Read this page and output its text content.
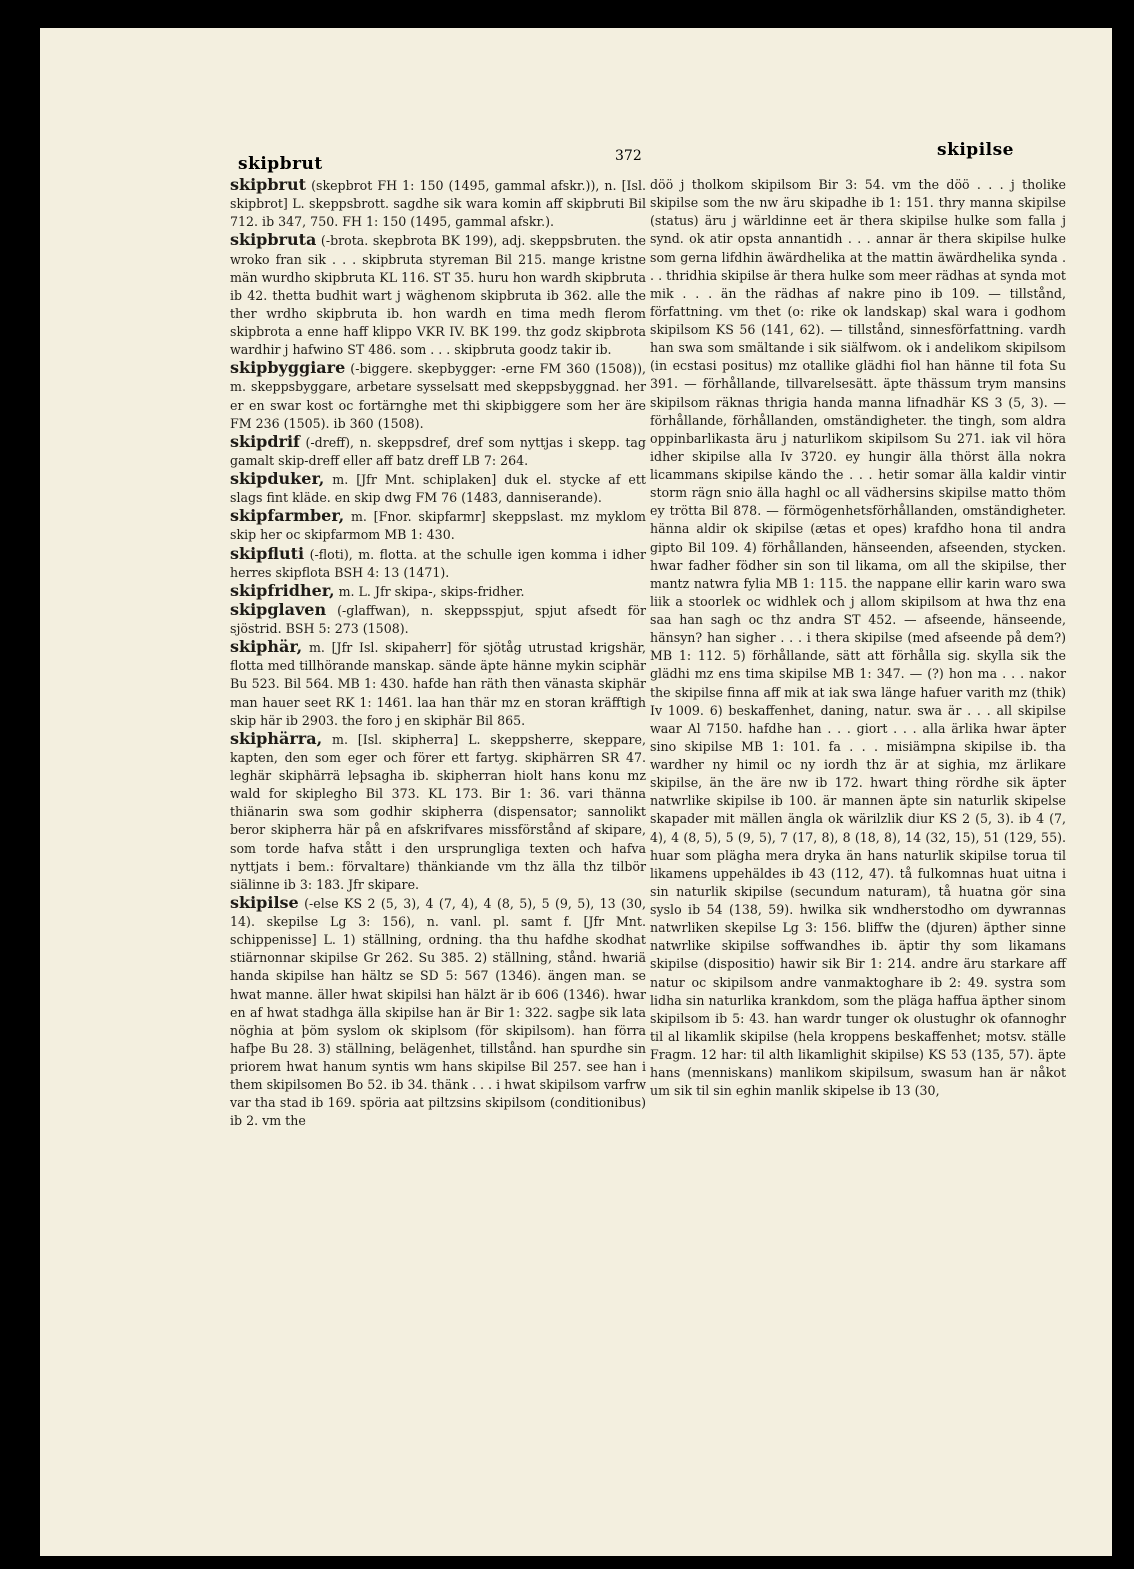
skipbrut	372	skipilse

skipbrut (skepbrot FH 1: 150 (1495, gammal afskr.)), n. [Isl. skipbrot] L. skeppsbrott. sagdhe sik wara komin aff skipbruti Bil 712. ib 347, 750. FH 1: 150 (1495, gammal afskr.).

skipbruta (-brota. skepbrota BK 199), adj. skeppsbruten. the wroko fran sik . . . skipbruta styreman Bil 215. mange kristne män wurdho skipbruta KL 116. ST 35. huru hon wardh skipbruta ib 42. thetta budhit wart j wäghenom skipbruta ib 362. alle the ther wrdho skipbruta ib. hon wardh en tima medh flerom skipbrota a enne haff klippo VKR IV. BK 199. thz godz skipbrota wardhir j hafwino ST 486. som . . . skipbruta goodz takir ib.

skipbyggiare (-biggere. skepbygger: -erne FM 360 (1508)), m. skeppsbyggare, arbetare sysselsatt med skeppsbyggnad. her er en swar kost oc fortärnghe met thi skipbiggere som her äre FM 236 (1505). ib 360 (1508).

skipdrif (-dreff), n. skeppsdref, dref som nyttjas i skepp. tag gamalt skip-dreff eller aff batz dreff LB 7: 264.

skipduker, m. [Jfr Mnt. schiplaken] duk el. stycke af ett slags fint kläde. en skip dwg FM 76 (1483, danniserande).

skipfarmber, m. [Fnor. skipfarmr] skeppslast. mz myklom skip her oc skipfarmom MB 1: 430.

skipfluti (-floti), m. flotta. at the schulle igen komma i idher herres skipflota BSH 4: 13 (1471).

skipfridher, m. L. Jfr skipa-, skips-fridher.

skipglaven (-glaffwan), n. skeppsspjut, spjut afsedt för sjöstrid. BSH 5: 273 (1508).

skiphär, m. [Jfr Isl. skipaherr] för sjötåg utrustad krigshär, flotta med tillhörande manskap. sände äpte hänne mykin sciphär Bu 523. Bil 564. MB 1: 430. hafde han räth then vänasta skiphär man hauer seet RK 1: 1461. laa han thär mz en storan kräfftigh skip här ib 2903. the foro j en skiphär Bil 865.

skiphärra, m. [Isl. skipherra] L. skeppsherre, skeppare, kapten, den som eger och förer ett fartyg. skiphärren SR 47. leghär skiphärrä leþsagha ib. skipherran hiolt hans konu mz wald for skiplegho Bil 373. KL 173. Bir 1: 36. vari thänna thiänarin swa som godhir skipherra (dispensator; sannolikt beror skipherra här på en afskrifvares missförstånd af skipare, som torde hafva stått i den ursprungliga texten och hafva nyttjats i bem.: förvaltare) thänkiande vm thz älla thz tilbör siälinne ib 3: 183. Jfr skipare.

skipilse (-else KS 2 (5, 3), 4 (7, 4), 4 (8, 5), 5 (9, 5), 13 (30, 14). skepilse Lg 3: 156), n. vanl. pl. samt f. [Jfr Mnt. schippenisse] L. 1) ställning, ordning. tha thu hafdhe skodhat stiärnonnar skipilse Gr 262. Su 385. 2) ställning, stånd. hwariä handa skipilse han hältz se SD 5: 567 (1346). ängen man. se hwat manne. äller hwat skipilsi han hälzt är ib 606 (1346). hwar en af hwat stadhga älla skipilse han är Bir 1: 322. sagþe sik lata nöghia at þöm syslom ok skiplsom (för skipilsom). han förra hafþe Bu 28. 3) ställning, belägenhet, tillstånd. han spurdhe sin priorem hwat hanum syntis wm hans skipilse Bil 257. see han i them skipilsomen Bo 52. ib 34. thänk . . . i hwat skipilsom varfrw var tha stad ib 169. spöria aat piltzsins skipilsom (conditionibus) ib 2. vm the

döö j tholkom skipilsom Bir 3: 54. vm the döö . . . j tholike skipilse som the nw äru skipadhe ib 1: 151. thry manna skipilse (status) äru j wärldinne eet är thera skipilse hulke som falla j synd. ok atir opsta annantidh . . . annar är thera skipilse hulke som gerna lifdhin äwärdhelika at the mattin äwärdhelika synda . . . thridhia skipilse är thera hulke som meer rädhas at synda mot mik . . . än the rädhas af nakre pino ib 109. — tillstånd, författning. vm thet (o: rike ok landskap) skal wara i godhom skipilsom KS 56 (141, 62). — tillstånd, sinnesförfattning. vardh han swa som smältande i sik siälfwom. ok i andelikom skipilsom (in ecstasi positus) mz otallike glädhi fiol han hänne til fota Su 391. — förhållande, tillvarelsesätt. äpte thässum trym mansins skipilsom räknas thrigia handa manna lifnadhär KS 3 (5, 3). — förhållande, förhållanden, omständigheter. the tingh, som aldra oppinbarlikasta äru j naturlikom skipilsom Su 271. iak vil höra idher skipilse alla Iv 3720. ey hungir älla thörst älla nokra licammans skipilse kändo the . . . hetir somar älla kaldir vintir storm rägn snio älla haghl oc all vädhersins skipilse matto thöm ey trötta Bil 878. — förmögenhetsförhållanden, omständigheter. hänna aldir ok skipilse (ætas et opes) krafdho hona til andra gipto Bil 109. 4) förhållanden, hänseenden, afseenden, stycken. hwar fadher födher sin son til likama, om all the skipilse, ther mantz natwra fylia MB 1: 115. the nappane ellir karin waro swa liik a stoorlek oc widhlek och j allom skipilsom at hwa thz ena saa han sagh oc thz andra ST 452. — afseende, hänseende, hänsyn? han sigher . . . i thera skipilse (med afseende på dem?) MB 1: 112. 5) förhållande, sätt att förhålla sig. skylla sik the glädhi mz ens tima skipilse MB 1: 347. — (?) hon ma . . . nakor the skipilse finna aff mik at iak swa länge hafuer varith mz (thik) Iv 1009. 6) beskaffenhet, daning, natur. swa är . . . all skipilse waar Al 7150. hafdhe han . . . giort . . . alla ärlika hwar äpter sino skipilse MB 1: 101. fa . . . misiämpna skipilse ib. tha wardher ny himil oc ny iordh thz är at sighia, mz ärlikare skipilse, än the äre nw ib 172. hwart thing rördhe sik äpter natwrlike skipilse ib 100. är mannen äpte sin naturlik skipelse skapader mit mällen ängla ok wärilzlik diur KS 2 (5, 3). ib 4 (7, 4), 4 (8, 5), 5 (9, 5), 7 (17, 8), 8 (18, 8), 14 (32, 15), 51 (129, 55). huar som plägha mera dryka än hans naturlik skipilse torua til likamens uppehäldes ib 43 (112, 47). tå fulkomnas huat uitna i sin naturlik skipilse (secundum naturam), tå huatna gör sina syslo ib 54 (138, 59). hwilka sik wndherstodho om dywrannas natwrliken skepilse Lg 3: 156. bliffw the (djuren) äpther sinne natwrlike skipilse soffwandhes ib. äptir thy som likamans skipilse (dispositio) hawir sik Bir 1: 214. andre äru starkare aff natur oc skipilsom andre vanmaktoghare ib 2: 49. systra som lidha sin naturlika krankdom, som the pläga haffua äpther sinom skipilsom ib 5: 43. han wardr tunger ok olustughr ok ofannoghr til al likamlik skipilse (hela kroppens beskaffenhet; motsv. ställe Fragm. 12 har: til alth likamlighit skipilse) KS 53 (135, 57). äpte hans (menniskans) manlikom skipilsum, swasum han är nåkot um sik til sin eghin manlik skipelse ib 13 (30,
